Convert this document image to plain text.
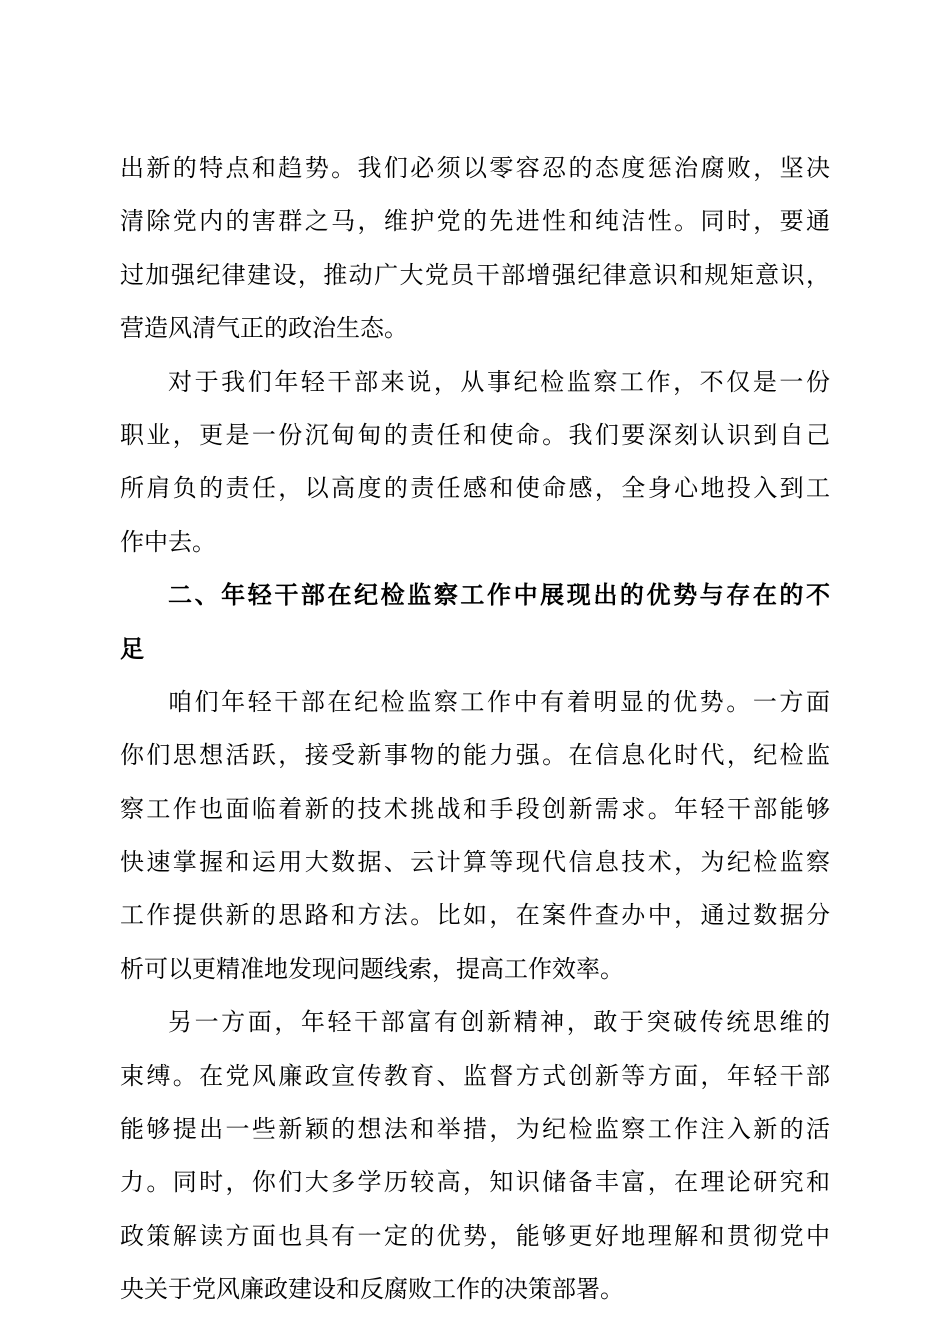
出新的特点和趋势。我们必须以零容忍的态度惩治腐败，坚决
清除党内的害群之马，维护党的先进性和纯洁性。同时，要通
过加强纪律建设，推动广大党员干部增强纪律意识和规矩意识，
营造风清气正的政治生态。
对于我们年轻干部来说，从事纪检监察工作，不仅是一份
职业，更是一份沉甸甸的责任和使命。我们要深刻认识到自己
所肩负的责任，以高度的责任感和使命感，全身心地投入到工
作中去。
二、年轻干部在纪检监察工作中展现出的优势与存在的不
足
咱们年轻干部在纪检监察工作中有着明显的优势。一方面
你们思想活跃，接受新事物的能力强。在信息化时代，纪检监
察工作也面临着新的技术挑战和手段创新需求。年轻干部能够
快速掌握和运用大数据、云计算等现代信息技术，为纪检监察
工作提供新的思路和方法。比如，在案件查办中，通过数据分
析可以更精准地发现问题线索，提高工作效率。
另一方面，年轻干部富有创新精神，敢于突破传统思维的
束缚。在党风廉政宣传教育、监督方式创新等方面，年轻干部
能够提出一些新颖的想法和举措，为纪检监察工作注入新的活
力。同时，你们大多学历较高，知识储备丰富，在理论研究和
政策解读方面也具有一定的优势，能够更好地理解和贯彻党中
央关于党风廉政建设和反腐败工作的决策部署。
